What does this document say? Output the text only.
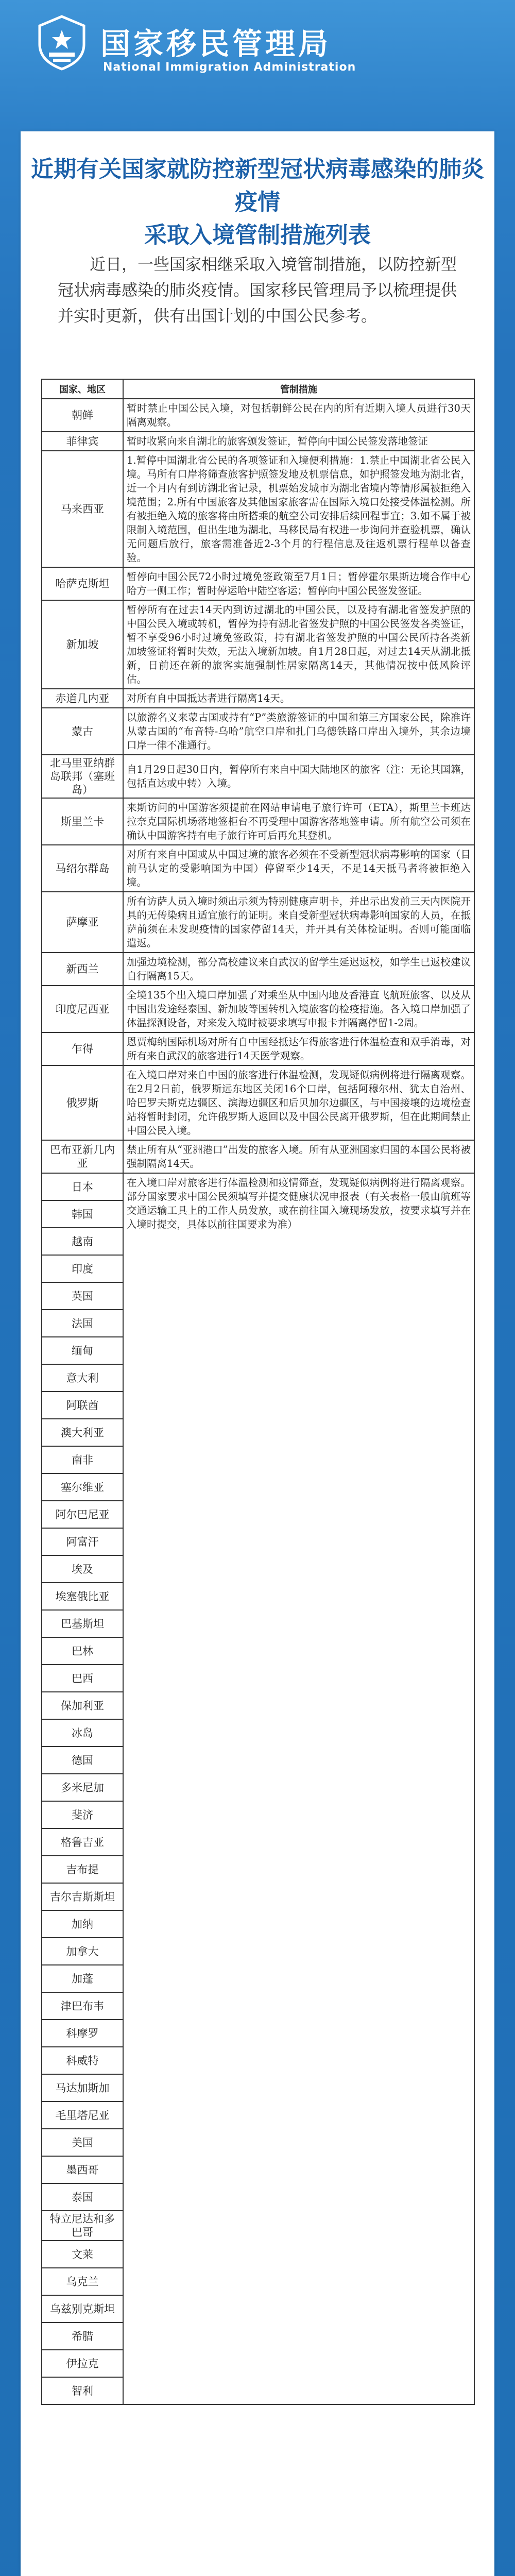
国家移民管理局
National Immigration Administration
近期有关国家就防控新型冠状病毒感染的肺炎疫情
采取入境管制措施列表
近日，一些国家相继采取入境管制措施，以防控新型冠状病毒感染的肺炎疫情。国家移民管理局予以梳理提供并实时更新，供有出国计划的中国公民参考。
国家、地区	管制措施
朝鲜	暂时禁止中国公民入境，对包括朝鲜公民在内的所有近期入境人员进行30天隔离观察。
菲律宾	暂时收紧向来自湖北的旅客颁发签证，暂停向中国公民签发落地签证
马来西亚	1.暂停中国湖北省公民的各项签证和入境便利措施：1.禁止中国湖北省公民入境。马所有口岸将筛查旅客护照签发地及机票信息，如护照签发地为湖北省，近一个月内有到访湖北省记录，机票始发城市为湖北省境内等情形属被拒绝入境范围；2.所有中国旅客及其他国家旅客需在国际入境口处接受体温检测。所有被拒绝入境的旅客将由所搭乘的航空公司安排后续回程事宜；3.如不属于被限制入境范围，但出生地为湖北，马移民局有权进一步询问并查验机票，确认无问题后放行，旅客需准备近2-3个月的行程信息及往返机票行程单以备查验。
哈萨克斯坦	暂停向中国公民72小时过境免签政策至7月1日；暂停霍尔果斯边境合作中心哈方一侧工作；暂时停运哈中陆空客运；暂停向中国公民签发签证。
新加坡	暂停所有在过去14天内到访过湖北的中国公民，以及持有湖北省签发护照的中国公民入境或转机，暂停为持有湖北省签发护照的中国公民签发各类签证，暂不享受96小时过境免签政策，持有湖北省签发护照的中国公民所持各类新加坡签证将暂时失效，无法入境新加坡。自1月28日起，对过去14天从湖北抵新，日前还在新的旅客实施强制性居家隔离14天，其他情况按中低风险评估。
赤道几内亚	对所有自中国抵达者进行隔离14天。
蒙古	以旅游名义来蒙古国或持有“P”类旅游签证的中国和第三方国家公民，除准许从蒙古国的“布音特-乌哈”航空口岸和扎门乌德铁路口岸出入境外，其余边境口岸一律不准通行。
北马里亚纳群岛联邦（塞班岛）	自1月29日起30日内，暂停所有来自中国大陆地区的旅客（注：无论其国籍，包括直达或中转）入境。
斯里兰卡	来斯访问的中国游客须提前在网站申请电子旅行许可（ETA），斯里兰卡班达拉奈克国际机场落地签柜台不再受理中国游客落地签申请。所有航空公司须在确认中国游客持有电子旅行许可后再允其登机。
马绍尔群岛	对所有来自中国或从中国过境的旅客必须在不受新型冠状病毒影响的国家（目前马认定的受影响国为中国）停留至少14天，不足14天抵马者将被拒绝入境。
萨摩亚	所有访萨人员入境时须出示须为特别健康声明卡，并出示出发前三天内医院开具的无传染病且适宜旅行的证明。来自受新型冠状病毒影响国家的人员，在抵萨前须在未发现疫情的国家停留14天，并开具有关体检证明。否则可能面临遣返。
新西兰	加强边境检测，部分高校建议来自武汉的留学生延迟返校，如学生已返校建议自行隔离15天。
印度尼西亚	全境135个出入境口岸加强了对乘坐从中国内地及香港直飞航班旅客、以及从中国出发途经泰国、新加坡等国转机入境旅客的检疫措施。各入境口岸加强了体温探测设备，对来发入境时被要求填写申报卡并隔离停留1-2周。
乍得	恩贾梅纳国际机场对所有自中国经抵达乍得旅客进行体温检查和双手消毒，对所有来自武汉的旅客进行14天医学观察。
俄罗斯	在入境口岸对来自中国的旅客进行体温检测，发现疑似病例将进行隔离观察。在2月2日前，俄罗斯远东地区关闭16个口岸，包括阿穆尔州、犹太自治州、哈巴罗夫斯克边疆区、滨海边疆区和后贝加尔边疆区，与中国接壤的边境检查站将暂时封闭，允许俄罗斯人返回以及中国公民离开俄罗斯，但在此期间禁止中国公民入境。
巴布亚新几内亚	禁止所有从“亚洲港口”出发的旅客入境。所有从亚洲国家归国的本国公民将被强制隔离14天。
日本	在入境口岸对旅客进行体温检测和疫情筛查，发现疑似病例将进行隔离观察。部分国家要求中国公民须填写并提交健康状况申报表（有关表格一般由航班等交通运输工具上的工作人员发放，或在前往国入境现场发放，按要求填写并在入境时提交，具体以前往国要求为准）
韩国	
越南	
印度	
英国	
法国	
缅甸	
意大利	
阿联酋	
澳大利亚	
南非	
塞尔维亚	
阿尔巴尼亚	
阿富汗	
埃及	
埃塞俄比亚	
巴基斯坦	
巴林	
巴西	
保加利亚	
冰岛	
德国	
多米尼加	
斐济	
格鲁吉亚	
吉布提	
吉尔吉斯斯坦	
加纳	
加拿大	
加蓬	
津巴布韦	
科摩罗	
科威特	
马达加斯加	
毛里塔尼亚	
美国	
墨西哥	
泰国	
特立尼达和多巴哥	
文莱	
乌克兰	
乌兹别克斯坦	
希腊	
伊拉克	
智利	
